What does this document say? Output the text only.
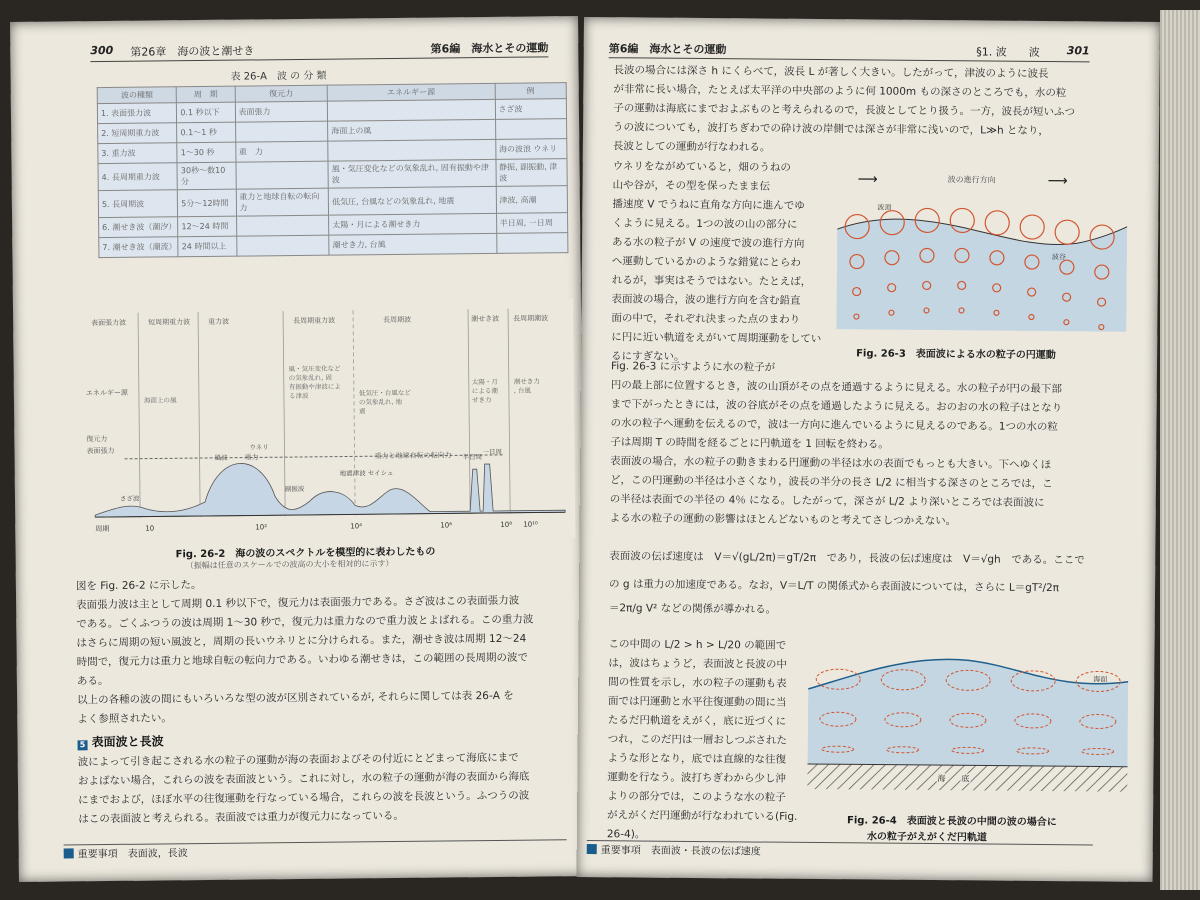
300 第26章　海の波と潮せき	第6編　海水とその運動
表 26-A　波 の 分 類
波の種類	周　期	復元力	エネルギー源	例
1. 表面張力波	0.1 秒以下	表面張力		さざ波
2. 短周期重力波	0.1～1 秒		海面上の風	
3. 重力波	1～30 秒	重　力		海の波浪 ウネリ
4. 長周期重力波	30秒～数10分		風・気圧変化などの気象乱れ, 固有振動や津波	静振, 副振動, 津波
5. 長周期波	5分～12時間	重力と地球自転の転向力	低気圧, 台風などの気象乱れ, 地震	津波, 高潮
6. 潮せき波（潮汐）	12～24 時間		太陽・月による潮せき力	半日周, 一日周
7. 潮せき波（潮流）	24 時間以上		潮せき力, 台風	
表面張力波	短周期重力波	重力波	長周期重力波	長周期波	潮せき波 長周期潮波
エネルギー源
海面上の風
風・気圧変化などの気象乱れ, 固有振動や津波による津波	低気圧・台風などの気象乱れ, 地震
太陽・月による潮せき力
潮せき力, 台風
復元力
表面張力
重力	重力と地球自転の転向力
さざ波
風波
ウネリ
副振波
地震津波 セイシュ
半日周
一日周
周期	10	10²	10⁴	10⁶	10⁸ 10¹⁰
Fig. 26-2　海の波のスペクトルを模型的に表わしたもの
（振幅は任意のスケールでの波高の大小を相対的に示す）
図を Fig. 26-2 に示した。
表面張力波は主として周期 0.1 秒以下で，復元力は表面張力である。さざ波はこの表面張力波
である。ごくふつうの波は周期 1～30 秒で，復元力は重力なので重力波とよばれる。この重力波
はさらに周期の短い風波と，周期の長いウネリとに分けられる。また，潮せき波は周期 12～24
時間で，復元力は重力と地球自転の転向力である。いわゆる潮せきは，この範囲の長周期の波で
ある。
以上の各種の波の間にもいろいろな型の波が区別されているが, それらに関しては表 26-A を
よく参照されたい。
5 表面波と長波
波によって引き起こされる水の粒子の運動が海の表面およびその付近にとどまって海底にまで
およばない場合，これらの波を表面波という。これに対し，水の粒子の運動が海の表面から海底
にまでおよび，ほぼ水平の往復運動を行なっている場合，これらの波を長波という。ふつうの波
はこの表面波と考えられる。表面波では重力が復元力になっている。
重要事項　表面波，長波
第6編　海水とその運動	§1. 波　　波 301
長波の場合には深さ h にくらべて，波長 L が著しく大きい。したがって，津波のように波長
が非常に長い場合，たとえば太平洋の中央部のように何 1000m もの深さのところでも，水の粒
子の運動は海底にまでおよぶものと考えられるので，長波としてとり扱う。一方，波長が短いふつ
うの波についても，波打ちぎわでの砕け波の岸側では深さが非常に浅いので，L≫h となり，
長波としての運動が行なわれる。
ウネリをながめていると，畑のうねの
山や谷が，その型を保ったまま伝
播速度 V でうねに直角な方向に進んでゆ
くように見える。1つの波の山の部分に
ある水の粒子が V の速度で波の進行方向
へ運動しているかのような錯覚にとらわ
れるが，事実はそうではない。たとえば，
表面波の場合，波の進行方向を含む鉛直
面の中で，それぞれ決まった点のまわり
に円に近い軌道をえがいて周期運動をしているにすぎない。
⟶	波の進行方向	⟶
波頂
波谷
Fig. 26-3　表面波による水の粒子の円運動
Fig. 26-3 に示すように水の粒子が
円の最上部に位置するとき，波の山頂がその点を通過するように見える。水の粒子が円の最下部
まで下がったときには，波の谷底がその点を通過したように見える。おのおの水の粒子はとなり
の水の粒子へ運動を伝えるので，波は一方向に進んでいるように見えるのである。1つの水の粒
子は周期 T の時間を経るごとに円軌道を 1 回転を終わる。
表面波の場合，水の粒子の動きまわる円運動の半径は水の表面でもっとも大きい。下へゆくほ
ど，この円運動の半径は小さくなり，波長の半分の長さ L/2 に相当する深さのところでは，こ
の半径は表面での半径の 4％ になる。したがって，深さが L/2 より深いところでは表面波に
よる水の粒子の運動の影響はほとんどないものと考えてさしつかえない。
表面波の伝ぱ速度は　V＝√(gL/2π)＝gT/2π　であり，長波の伝ぱ速度は　V＝√gh　である。ここで
の g は重力の加速度である。なお，V＝L/T の関係式から表面波については，さらに L＝gT²/2π
＝2π/g V² などの関係が導かれる。
この中間の L/2 > h > L/20 の範囲で
は，波はちょうど，表面波と長波の中
間の性質を示し，水の粒子の運動も表
面では円運動と水平往復運動の間に当
たるだ円軌道をえがく，底に近づくに
つれ，このだ円は一層おしつぶされた
ような形となり，底では直線的な往復
運動を行なう。波打ちぎわから少し沖
よりの部分では，このような水の粒子
がえがくだ円運動が行なわれている(Fig. 26-4)。
海面
海　　底
Fig. 26-4　表面波と長波の中間の波の場合に
水の粒子がえがくだ円軌道
重要事項　表面波・長波の伝ぱ速度
